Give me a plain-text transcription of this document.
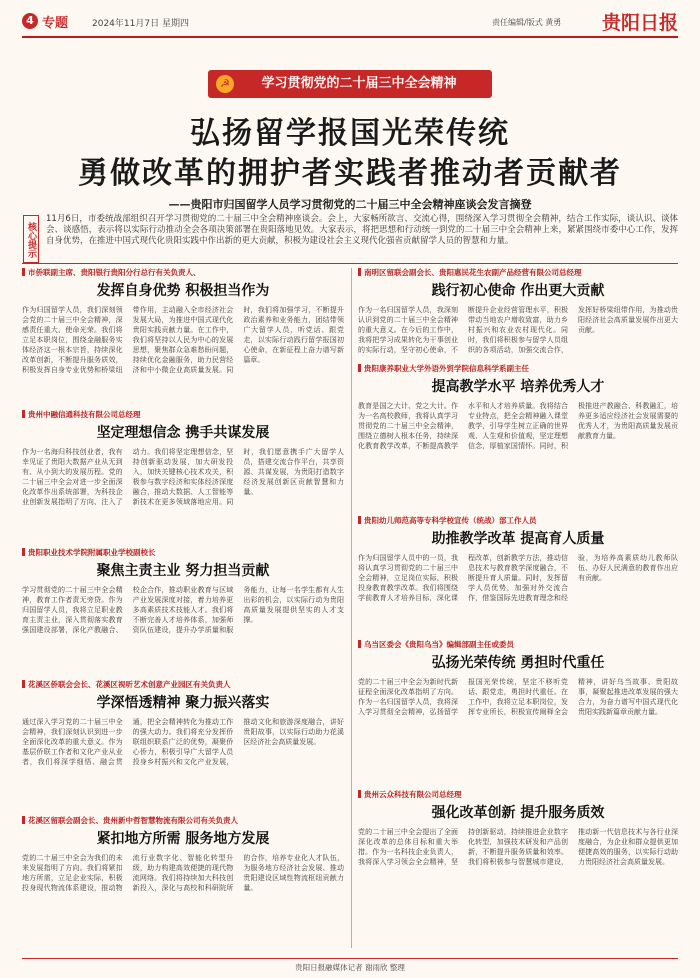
4 专题	2024年11月7日 星期四	责任编辑/版式 黄勇 贵阳日报
☭	学习贯彻党的二十届三中全会精神
弘扬留学报国光荣传统
勇做改革的拥护者实践者推动者贡献者
——贵阳市归国留学人员学习贯彻党的二十届三中全会精神座谈会发言摘登
核心提示
11月6日，市委统战部组织召开学习贯彻党的二十届三中全会精神座谈会。会上，大家畅所欲言、交流心得，围绕深入学习贯彻全会精神，结合工作实际，谈认识、谈体会、谈感悟，表示将以实际行动推动全会各项决策部署在贵阳落地见效。大家表示，将把思想和行动统一到党的二十届三中全会精神上来，紧紧围绕市委中心工作，发挥自身优势，在推进中国式现代化贵阳实践中作出新的更大贡献，积极为建设社会主义现代化强省贡献留学人员的智慧和力量。
市侨联副主席、贵阳银行贵阳分行总行有关负责人、
发挥自身优势 积极担当作为
作为归国留学人员，我们深刻领会党的二十届三中全会精神，深感责任重大、使命光荣。我们将立足本职岗位，围绕金融服务实体经济这一根本宗旨，持续深化改革创新，不断提升服务质效，积极发挥自身专业优势和桥梁纽带作用，主动融入全市经济社会发展大局，为推进中国式现代化贵阳实践贡献力量。在工作中，我们将坚持以人民为中心的发展思想，聚焦群众急难愁盼问题，持续优化金融服务，助力民营经济和中小微企业高质量发展。同时，我们将加强学习，不断提升政治素养和业务能力，团结带领广大留学人员，听党话、跟党走，以实际行动践行留学报国初心使命，在新征程上奋力谱写新篇章。
贵州中融信通科技有限公司总经理
坚定理想信念 携手共谋发展
作为一名海归科技创业者，我有幸见证了贵阳大数据产业从无到有、从小到大的发展历程。党的二十届三中全会对进一步全面深化改革作出系统部署，为科技企业创新发展指明了方向、注入了动力。我们将坚定理想信念，坚持创新驱动发展，加大研发投入，加快关键核心技术攻关，积极参与数字经济和实体经济深度融合，推动大数据、人工智能等新技术在更多领域落地应用。同时，我们愿意携手广大留学人员，搭建交流合作平台，共享资源、共谋发展，为贵阳打造数字经济发展创新区贡献智慧和力量。
贵阳职业技术学院附属职业学校副校长
聚焦主责主业 努力担当贡献
学习贯彻党的二十届三中全会精神，教育工作者责无旁贷。作为归国留学人员，我将立足职业教育主责主业，深入贯彻落实教育强国建设部署，深化产教融合、校企合作，推动职业教育与区域产业发展深度对接，着力培养更多高素质技术技能人才。我们将不断完善人才培养体系，加强师资队伍建设，提升办学质量和服务能力，让每一名学生都有人生出彩的机会，以实际行动为贵阳高质量发展提供坚实的人才支撑。
花溪区侨联会会长、花溪区视听艺术创意产业园区有关负责人
学深悟透精神 聚力振兴落实
通过深入学习党的二十届三中全会精神，我们深刻认识到进一步全面深化改革的重大意义。作为基层侨联工作者和文化产业从业者，我们将深学细悟、融会贯通，把全会精神转化为推动工作的强大动力。我们将充分发挥侨联组织联系广泛的优势，凝聚侨心侨力，积极引导广大留学人员投身乡村振兴和文化产业发展，推动文化和旅游深度融合，讲好贵阳故事，以实际行动助力花溪区经济社会高质量发展。
花溪区留联会副会长、贵州新中哲智慧物流有限公司有关负责人
紧扣地方所需 服务地方发展
党的二十届三中全会为我们的未来发展指明了方向。我们将紧扣地方所需，立足企业实际，积极投身现代物流体系建设，推动物流行业数字化、智能化转型升级，助力构建高效便捷的现代物流网络。我们将持续加大科技创新投入，深化与高校和科研院所的合作，培养专业化人才队伍，为服务地方经济社会发展、推动贵阳建设区域性物流枢纽贡献力量。
南明区留联会副会长、贵阳惠民花生农副产品经营有限公司总经理
践行初心使命 作出更大贡献
作为一名归国留学人员，我深刻认识到党的二十届三中全会精神的重大意义。在今后的工作中，我将把学习成果转化为干事创业的实际行动，坚守初心使命，不断提升企业经营管理水平，积极带动当地农户增收致富，助力乡村振兴和农业农村现代化。同时，我们将积极参与留学人员组织的各项活动，加强交流合作，发挥好桥梁纽带作用，为推动贵阳经济社会高质量发展作出更大贡献。
贵阳康养职业大学外语外贸学院信息科学系副主任
提高教学水平 培养优秀人才
教育是国之大计、党之大计。作为一名高校教师，我将认真学习贯彻党的二十届三中全会精神，围绕立德树人根本任务，持续深化教育教学改革，不断提高教学水平和人才培养质量。我将结合专业特点，把全会精神融入课堂教学，引导学生树立正确的世界观、人生观和价值观，坚定理想信念，厚植家国情怀。同时，积极推进产教融合、科教融汇，培养更多适应经济社会发展需要的优秀人才，为贵阳高质量发展贡献教育力量。
贵阳幼儿师范高等专科学校宣传（统战）部工作人员
助推教学改革 提高育人质量
作为归国留学人员中的一员，我将认真学习贯彻党的二十届三中全会精神，立足岗位实际，积极投身教育教学改革。我们将围绕学前教育人才培养目标，深化课程改革，创新教学方法，推动信息技术与教育教学深度融合，不断提升育人质量。同时，发挥留学人员优势，加强对外交流合作，借鉴国际先进教育理念和经验，为培养高素质幼儿教师队伍、办好人民满意的教育作出应有贡献。
乌当区委会《贵阳乌当》编辑部副主任或委员
弘扬光荣传统 勇担时代重任
党的二十届三中全会为新时代新征程全面深化改革指明了方向。作为一名归国留学人员，我将深入学习贯彻全会精神，弘扬留学报国光荣传统，坚定不移听党话、跟党走，勇担时代重任。在工作中，我将立足本职岗位，发挥专业所长，积极宣传阐释全会精神，讲好乌当故事、贵阳故事，凝聚起推进改革发展的强大合力，为奋力谱写中国式现代化贵阳实践新篇章贡献力量。
贵州云众科技有限公司总经理
强化改革创新 提升服务质效
党的二十届三中全会提出了全面深化改革的总体目标和重大举措。作为一名科技企业负责人，我将深入学习领会全会精神，坚持创新驱动，持续推进企业数字化转型，加强技术研发和产品创新，不断提升服务质量和效率。我们将积极参与智慧城市建设，推动新一代信息技术与各行业深度融合，为企业和群众提供更加便捷高效的服务，以实际行动助力贵阳经济社会高质量发展。
贵阳日报融媒体记者 谢雨欣 整理
